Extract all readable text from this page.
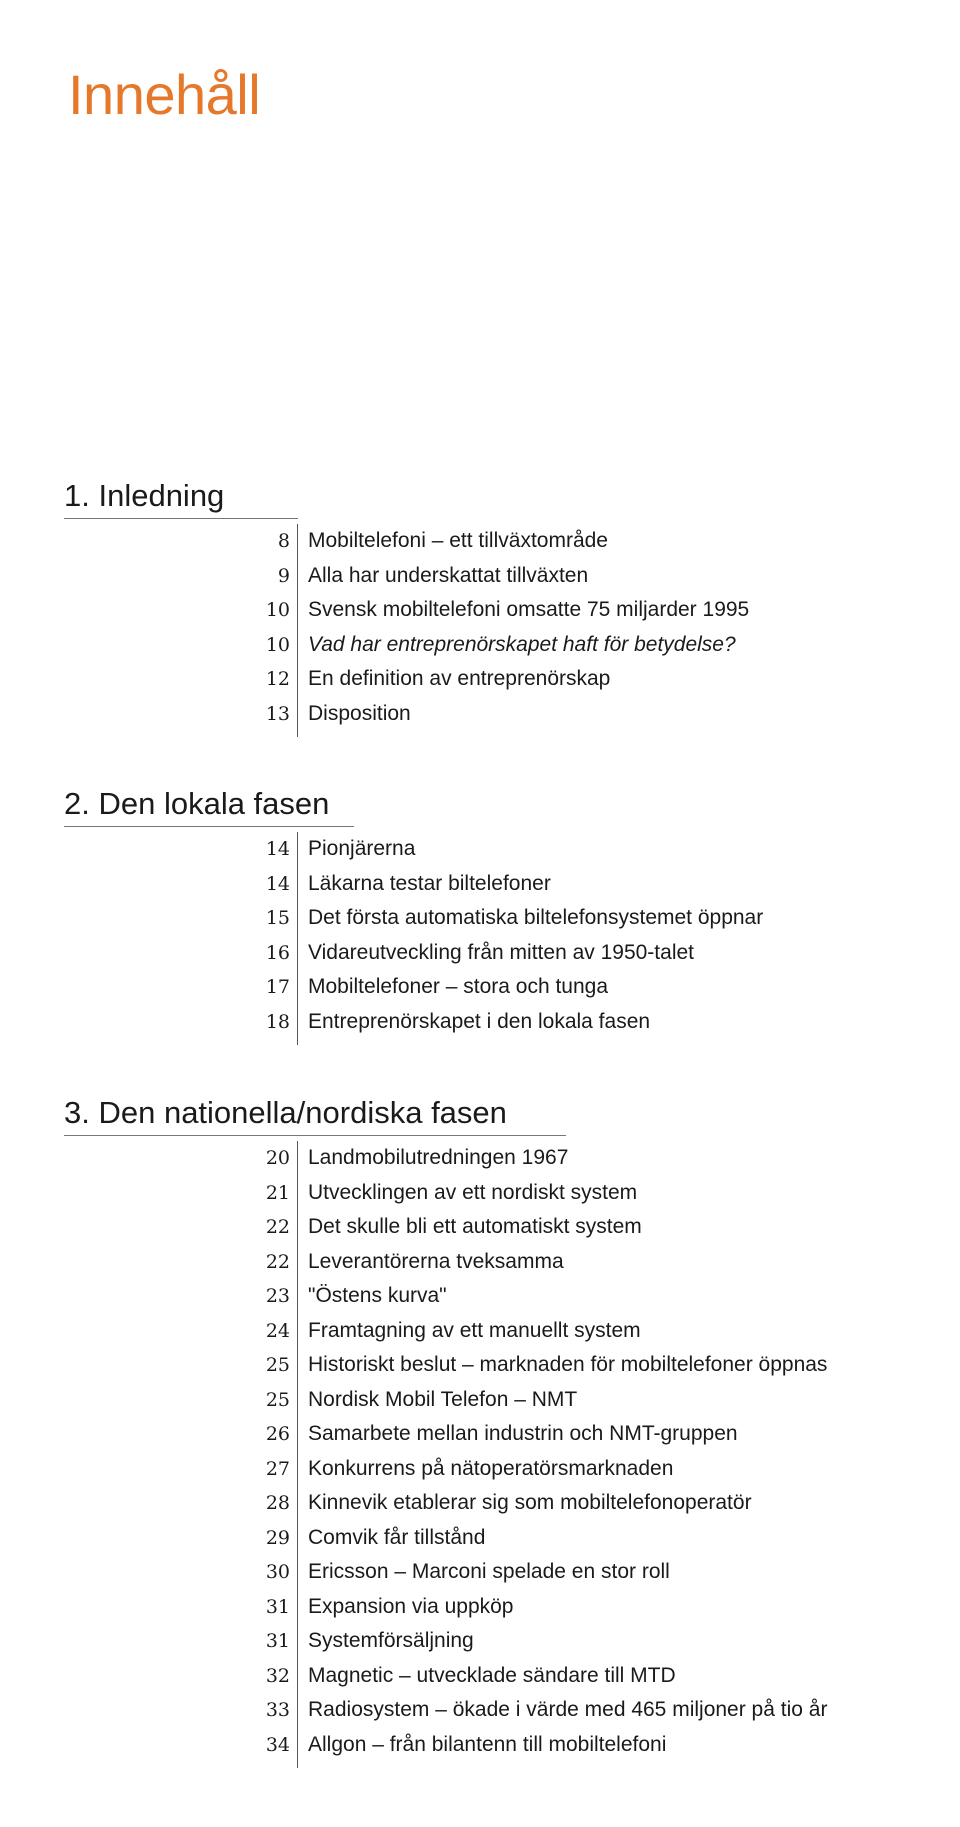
Innehåll
1. Inledning
8 Mobiltelefoni – ett tillväxtområde
9 Alla har underskattat tillväxten
10 Svensk mobiltelefoni omsatte 75 miljarder 1995
10 Vad har entreprenörskapet haft för betydelse?
12 En definition av entreprenörskap
13 Disposition
2. Den lokala fasen
14 Pionjärerna
14 Läkarna testar biltelefoner
15 Det första automatiska biltelefonsystemet öppnar
16 Vidareutveckling från mitten av 1950-talet
17 Mobiltelefoner – stora och tunga
18 Entreprenörskapet i den lokala fasen
3. Den nationella/nordiska fasen
20 Landmobilutredningen 1967
21 Utvecklingen av ett nordiskt system
22 Det skulle bli ett automatiskt system
22 Leverantörerna tveksamma
23 "Östens kurva"
24 Framtagning av ett manuellt system
25 Historiskt beslut – marknaden för mobiltelefoner öppnas
25 Nordisk Mobil Telefon – NMT
26 Samarbete mellan industrin och NMT-gruppen
27 Konkurrens på nätoperatörsmarknaden
28 Kinnevik etablerar sig som mobiltelefonoperatör
29 Comvik får tillstånd
30 Ericsson – Marconi spelade en stor roll
31 Expansion via uppköp
31 Systemförsäljning
32 Magnetic – utvecklade sändare till MTD
33 Radiosystem – ökade i värde med 465 miljoner på tio år
34 Allgon – från bilantenn till mobiltelefoni
